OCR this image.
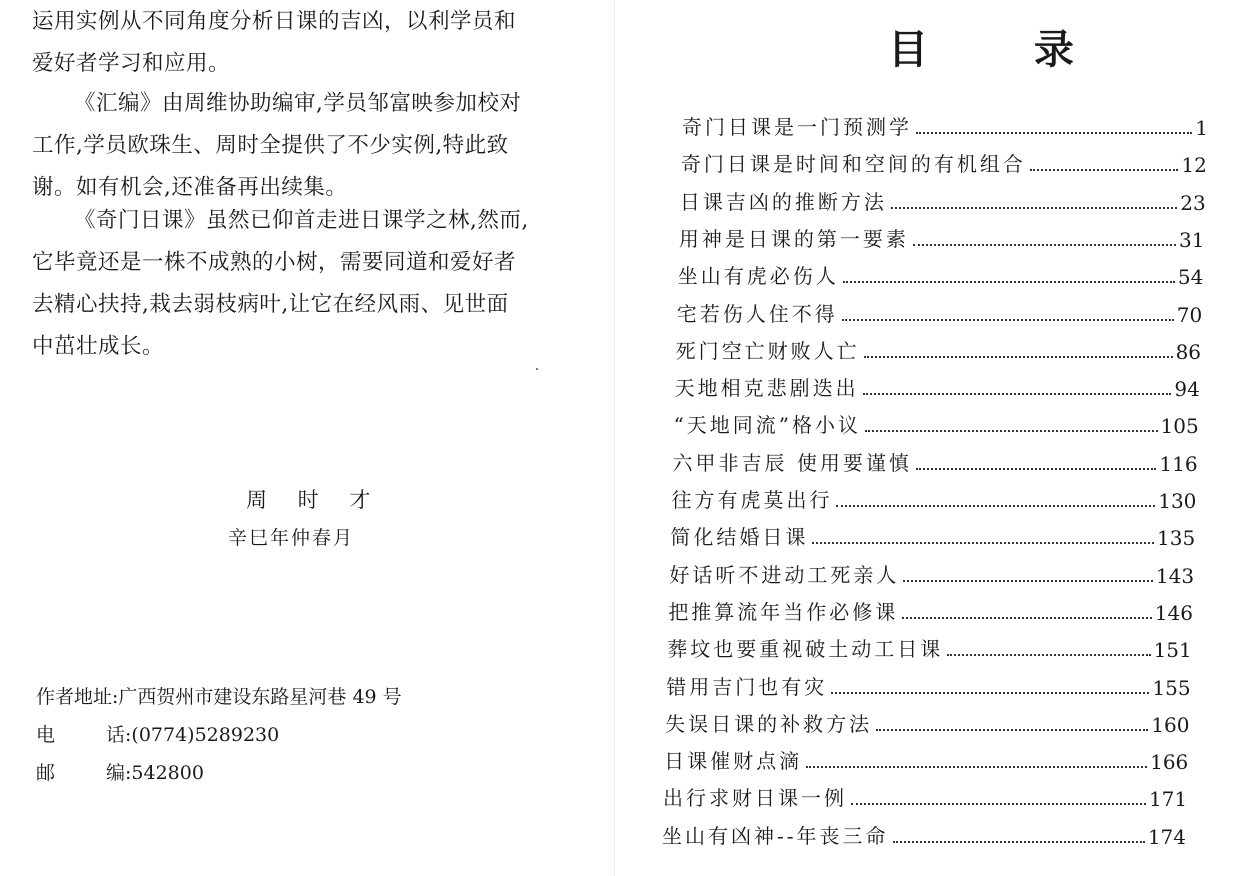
运用实例从不同角度分析日课的吉凶，以利学员和
爱好者学习和应用。

《汇编》由周维协助编审,学员邹富映参加校对
工作,学员欧珠生、周时全提供了不少实例,特此致
谢。如有机会,还准备再出续集。

《奇门日课》虽然已仰首走进日课学之林,然而,
它毕竟还是一株不成熟的小树，需要同道和爱好者
去精心扶持,栽去弱枝病叶,让它在经风雨、见世面
中茁壮成长。

周 时 才
辛巳年仲春月

作者地址:广西贺州市建设东路星河巷 49 号
电	话:(0774)5289230
邮	编:542800

目 录
奇门日课是一门预测学	1
奇门日课是时间和空间的有机组合	12
日课吉凶的推断方法	23
用神是日课的第一要素	31
坐山有虎必伤人	54
宅若伤人住不得	70
死门空亡财败人亡	86
天地相克悲剧迭出	94
“天地同流”格小议	105
六甲非吉辰 使用要谨慎	116
往方有虎莫出行	130
简化结婚日课	135
好话听不进动工死亲人	143
把推算流年当作必修课	146
葬坟也要重视破土动工日课	151
错用吉门也有灾	155
失误日课的补救方法	160
日课催财点滴	166
出行求财日课一例	171
坐山有凶神--年丧三命	174
